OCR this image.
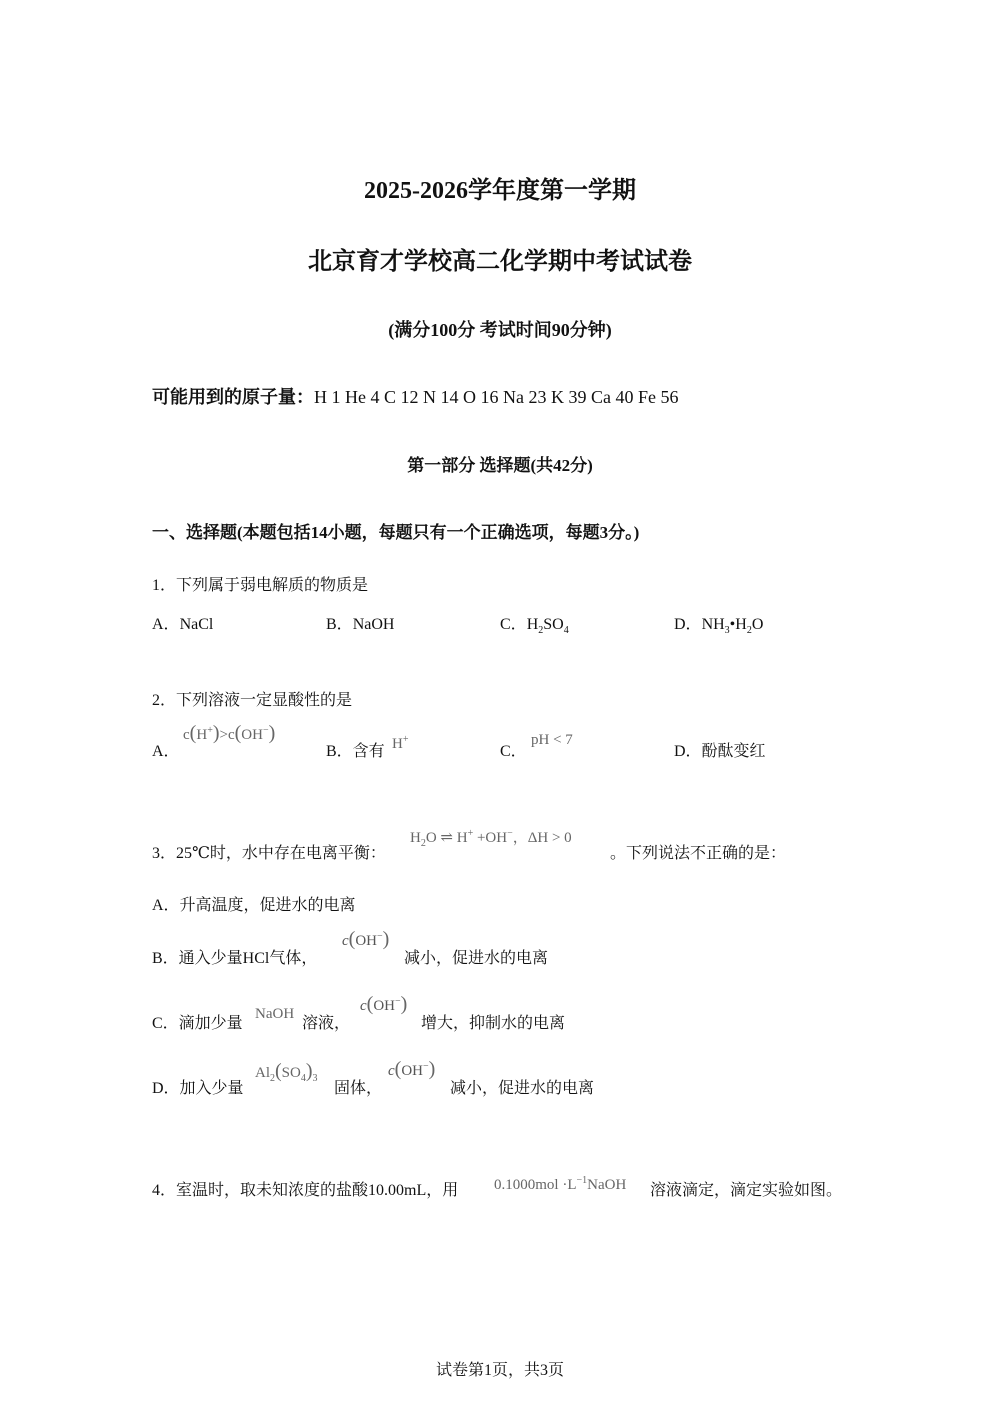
2025-2026学年度第一学期
北京育才学校高二化学期中考试试卷
(满分100分 考试时间90分钟)
可能用到的原子量：H 1 He 4 C 12 N 14 O 16 Na 23 K 39 Ca 40 Fe 56
第一部分 选择题(共42分)
一、选择题(本题包括14小题，每题只有一个正确选项，每题3分。)
1．下列属于弱电解质的物质是
A．NaCl	B．NaOH	C．$H_2SO_4$	D．$NH_3•H_2O$
2．下列溶液一定显酸性的是
A．
c(H+)>c(OH−)
B．含有 H+
C．
pH < 7
D．酚酞变红
3．25℃时，水中存在电离平衡：
$H_2O$ ⇌ H+ +OH−，ΔH > 0
。下列说法不正确的是：
A．升高温度，促进水的电离
B．通入少量HCl气体，
c(OH−)
减小，促进水的电离
C．滴加少量
NaOH
溶液，
c(OH−)
增大，抑制水的电离
D．加入少量
$Al_2(SO_4)_3$
固体，
c(OH−)
减小，促进水的电离
4．室温时，取未知浓度的盐酸10.00mL，用 $0.1000mol \cdot L^{-1}NaOH$ 溶液滴定，滴定实验如图。
试卷第1页，共3页
